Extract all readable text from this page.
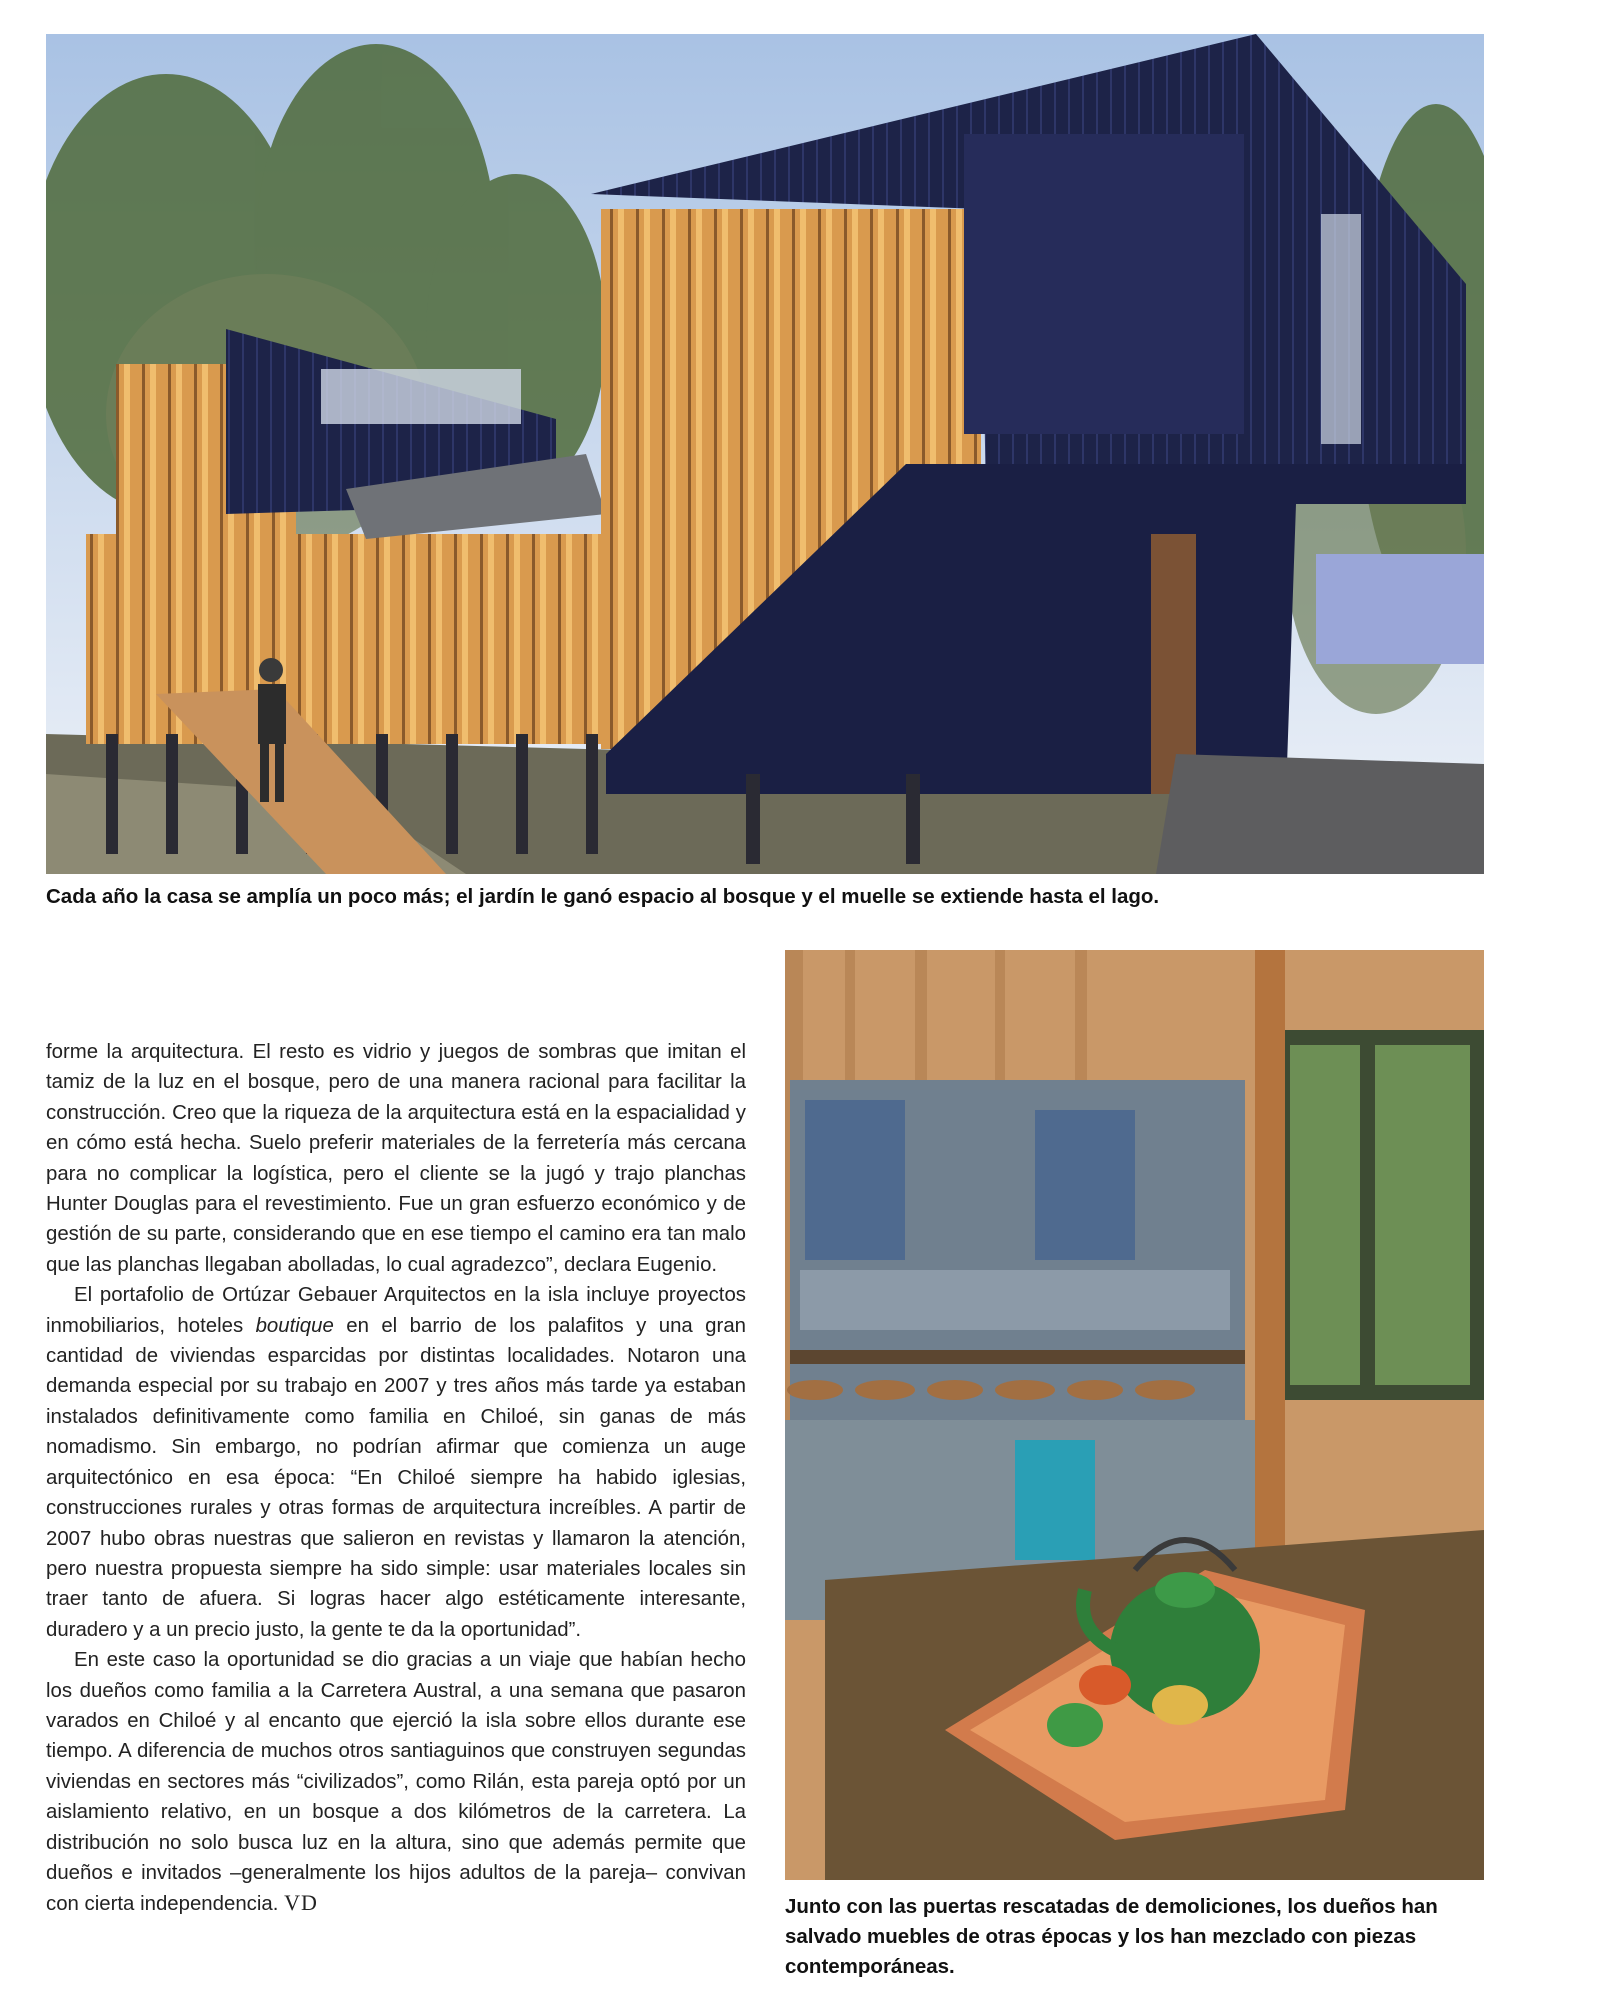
Cada año la casa se amplía un poco más; el jardín le ganó espacio al bosque y el muelle se extiende hasta el lago.

forme la arquitectura. El resto es vidrio y juegos de sombras que imitan el tamiz de la luz en el bosque, pero de una manera racional para facilitar la construcción. Creo que la riqueza de la arquitectura está en la espacialidad y en cómo está hecha. Suelo preferir materiales de la ferretería más cercana para no complicar la logística, pero el cliente se la jugó y trajo planchas Hunter Douglas para el revestimiento. Fue un gran esfuerzo económico y de gestión de su parte, considerando que en ese tiempo el camino era tan malo que las planchas llegaban abolladas, lo cual agradezco”, declara Eugenio.

El portafolio de Ortúzar Gebauer Arquitectos en la isla incluye proyectos inmobiliarios, hoteles boutique en el barrio de los palafitos y una gran cantidad de viviendas esparcidas por distintas localidades. Notaron una demanda especial por su trabajo en 2007 y tres años más tarde ya estaban instalados definitivamente como familia en Chiloé, sin ganas de más nomadismo. Sin embargo, no podrían afirmar que comienza un auge arquitectónico en esa época: “En Chiloé siempre ha habido iglesias, construcciones rurales y otras formas de arquitectura increíbles. A partir de 2007 hubo obras nuestras que salieron en revistas y llamaron la atención, pero nuestra propuesta siempre ha sido simple: usar materiales locales sin traer tanto de afuera. Si logras hacer algo estéticamente interesante, duradero y a un precio justo, la gente te da la oportunidad”.

En este caso la oportunidad se dio gracias a un viaje que habían hecho los dueños como familia a la Carretera Austral, a una semana que pasaron varados en Chiloé y al encanto que ejerció la isla sobre ellos durante ese tiempo. A diferencia de muchos otros santiaguinos que construyen segundas viviendas en sectores más “civilizados”, como Rilán, esta pareja optó por un aislamiento relativo, en un bosque a dos kilómetros de la carretera. La distribución no solo busca luz en la altura, sino que además permite que dueños e invitados –generalmente los hijos adultos de la pareja– convivan con cierta independencia. VD	Junto con las puertas rescatadas de demoliciones, los dueños han salvado muebles de otras épocas y los han mezclado con piezas contemporáneas.
